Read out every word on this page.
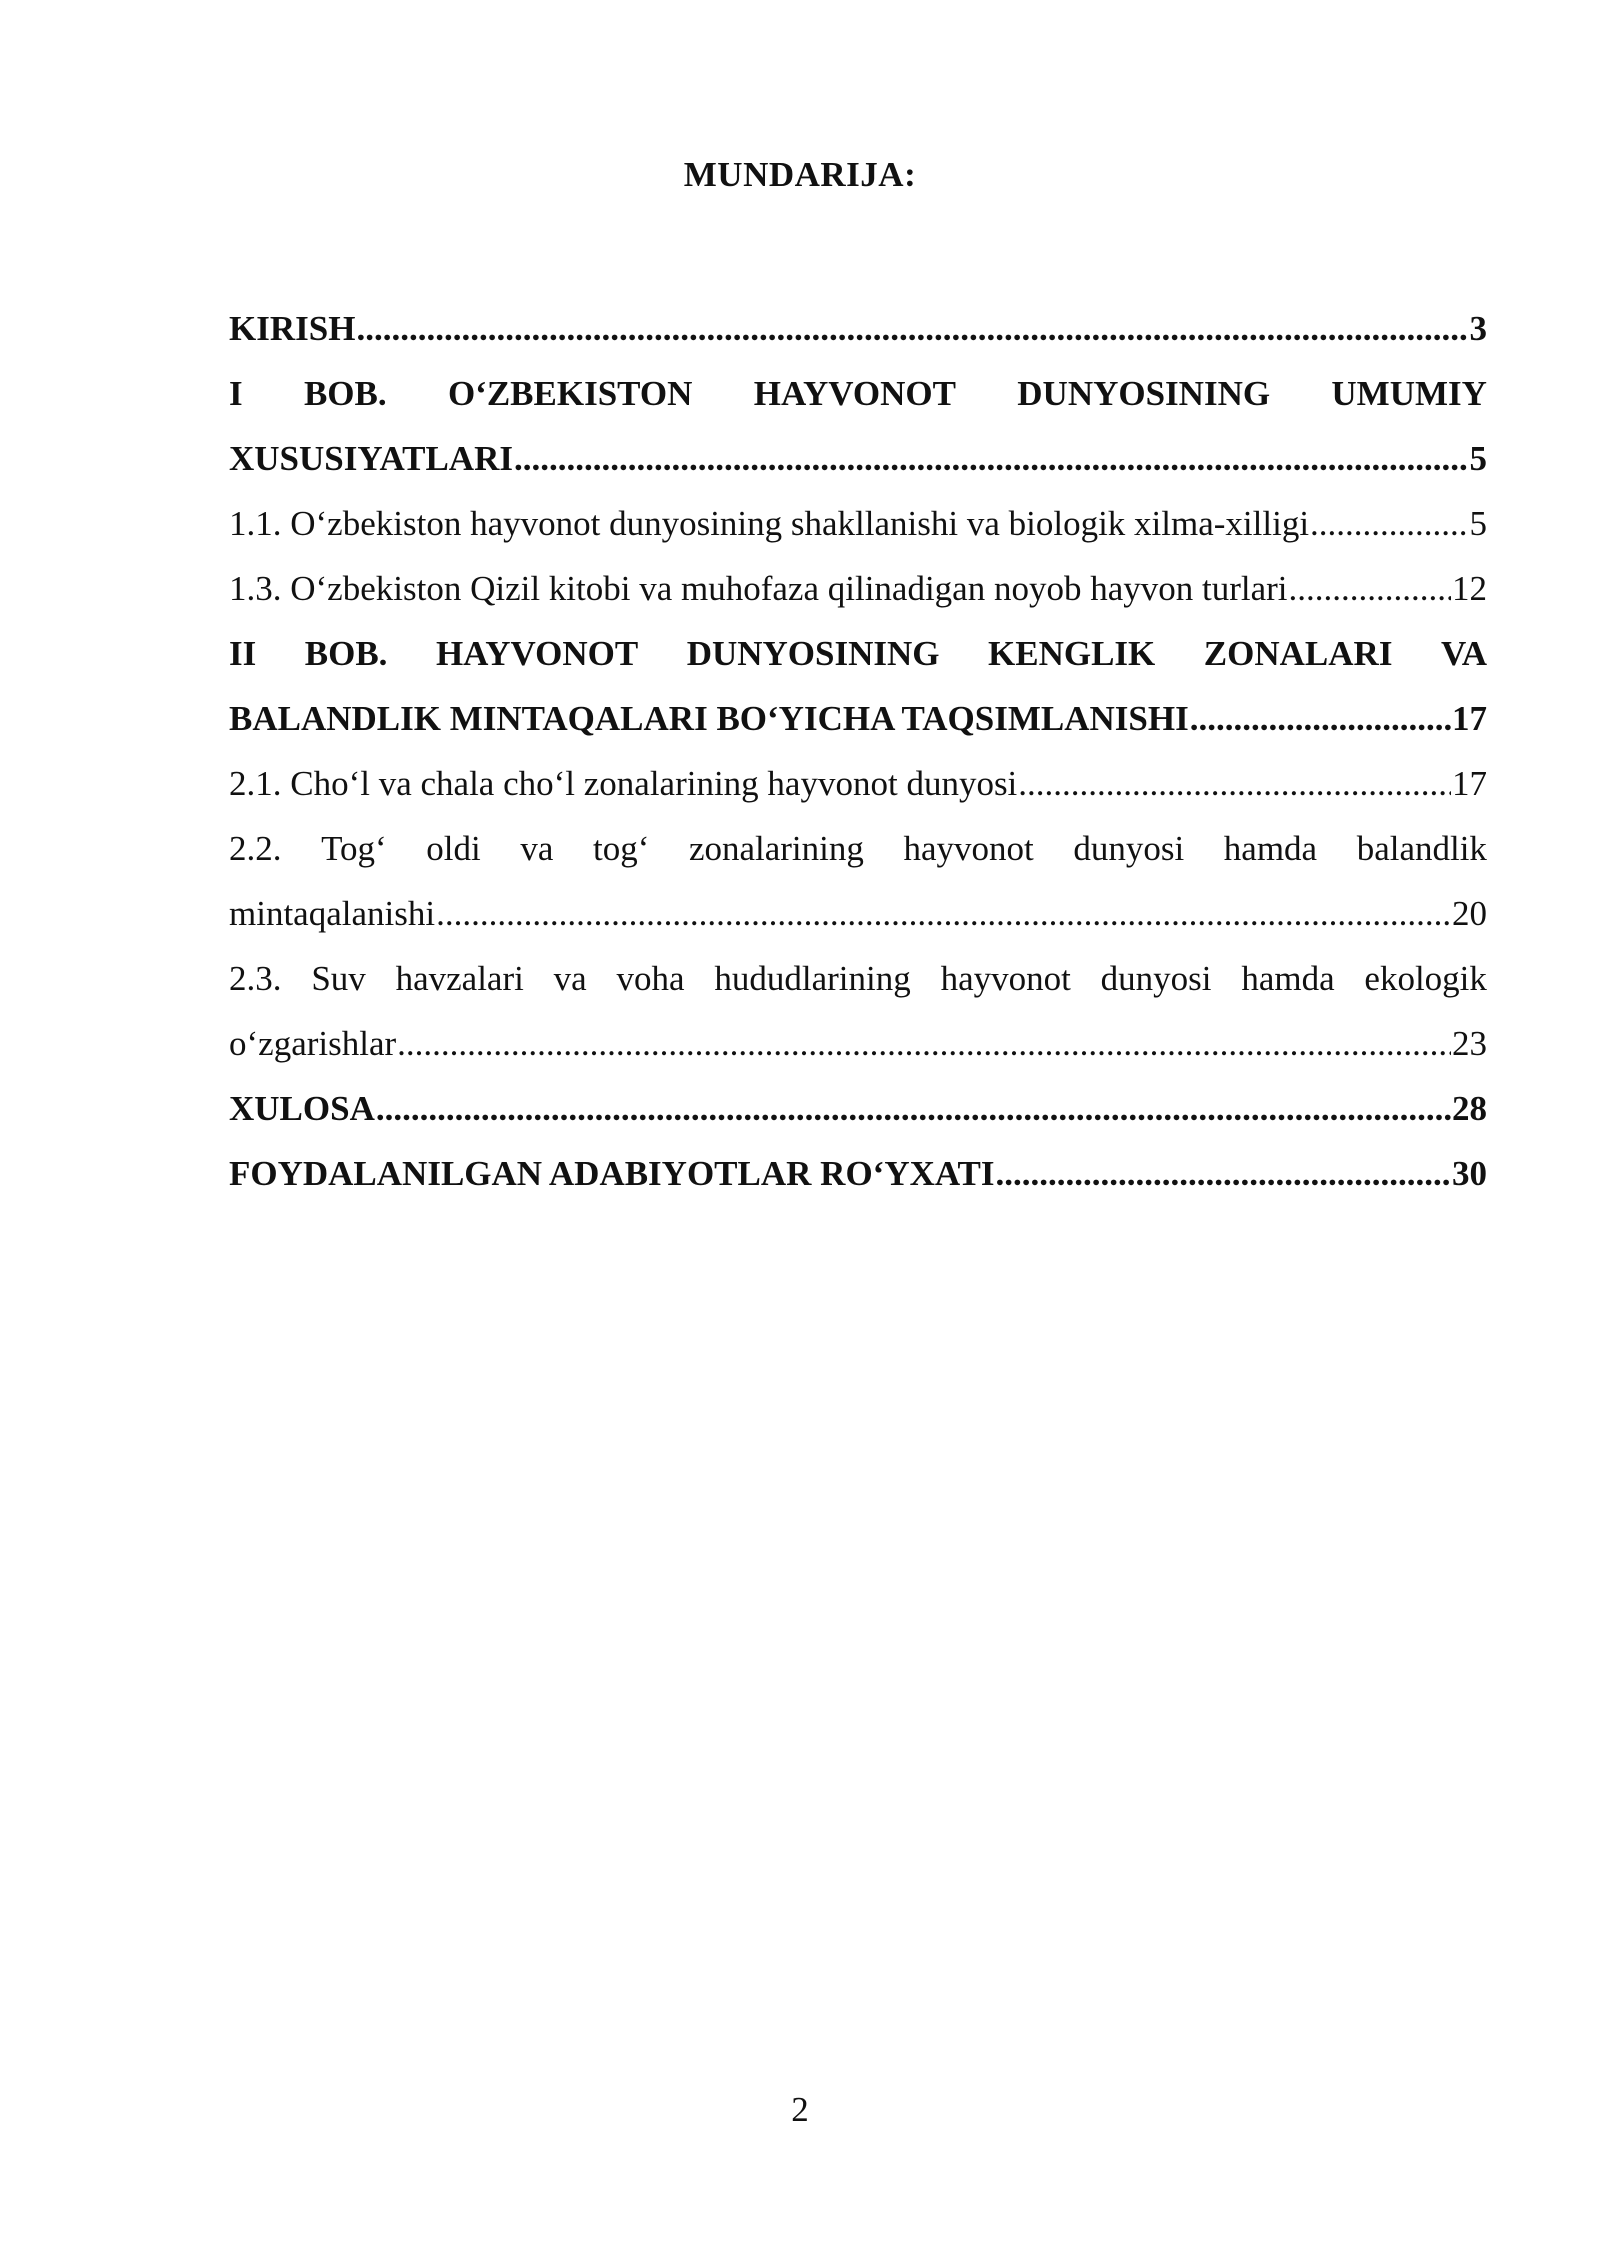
MUNDARIJA:
KIRISH .....	3
I BOB. O‘ZBEKISTON HAYVONOT DUNYOSINING UMUMIY
XUSUSIYATLARI .....	5
1.1. O‘zbekiston hayvonot dunyosining shakllanishi va biologik xilma-xilligi .....	5
1.3. O‘zbekiston Qizil kitobi va muhofaza qilinadigan noyob hayvon turlari .....	12
II BOB. HAYVONOT DUNYOSINING KENGLIK ZONALARI VA
BALANDLIK MINTAQALARI BO‘YICHA TAQSIMLANISHI .....	17
2.1. Cho‘l va chala cho‘l zonalarining hayvonot dunyosi .....	17
2.2. Tog‘ oldi va tog‘ zonalarining hayvonot dunyosi hamda balandlik
mintaqalanishi .....	20
2.3. Suv havzalari va voha hududlarining hayvonot dunyosi hamda ekologik
o‘zgarishlar .....	23
XULOSA .....	28
FOYDALANILGAN ADABIYOTLAR RO‘YXATI .....	30
2
